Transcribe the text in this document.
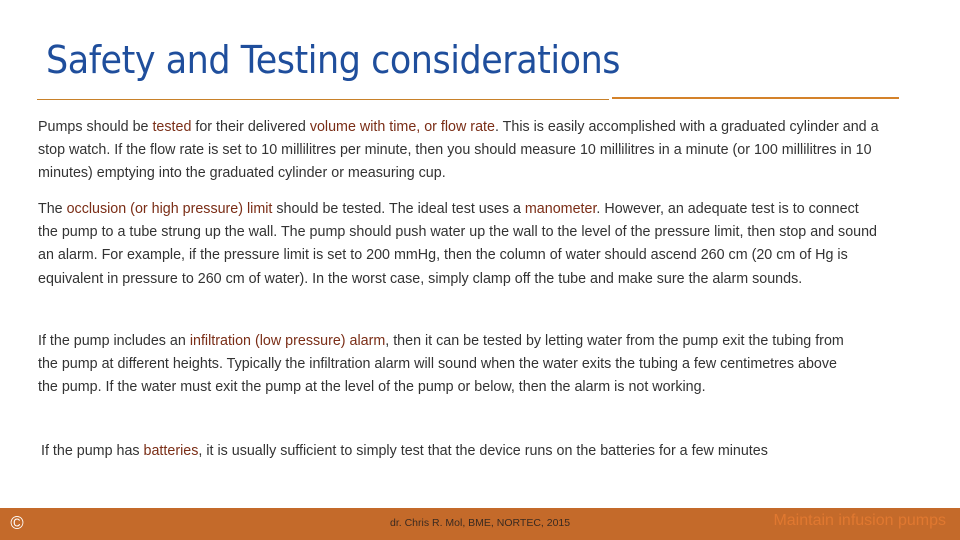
Safety and Testing considerations

Pumps should be tested for their delivered volume with time, or flow rate. This is easily accomplished with a graduated cylinder and a stop watch. If the flow rate is set to 10 millilitres per minute, then you should measure 10 millilitres in a minute (or 100 millilitres in 10 minutes) emptying into the graduated cylinder or measuring cup.

The occlusion (or high pressure) limit should be tested. The ideal test uses a manometer. However, an adequate test is to connect the pump to a tube strung up the wall. The pump should push water up the wall to the level of the pressure limit, then stop and sound an alarm. For example, if the pressure limit is set to 200 mmHg, then the column of water should ascend 260 cm (20 cm of Hg is equivalent in pressure to 260 cm of water). In the worst case, simply clamp off the tube and make sure the alarm sounds.

If the pump includes an infiltration (low pressure) alarm, then it can be tested by letting water from the pump exit the tubing from the pump at different heights. Typically the infiltration alarm will sound when the water exits the tubing a few centimetres above the pump. If the water must exit the pump at the level of the pump or below, then the alarm is not working.

If the pump has batteries, it is usually sufficient to simply test that the device runs on the batteries for a few minutes

©	dr. Chris R. Mol, BME, NORTEC, 2015	Maintain infusion pumps
